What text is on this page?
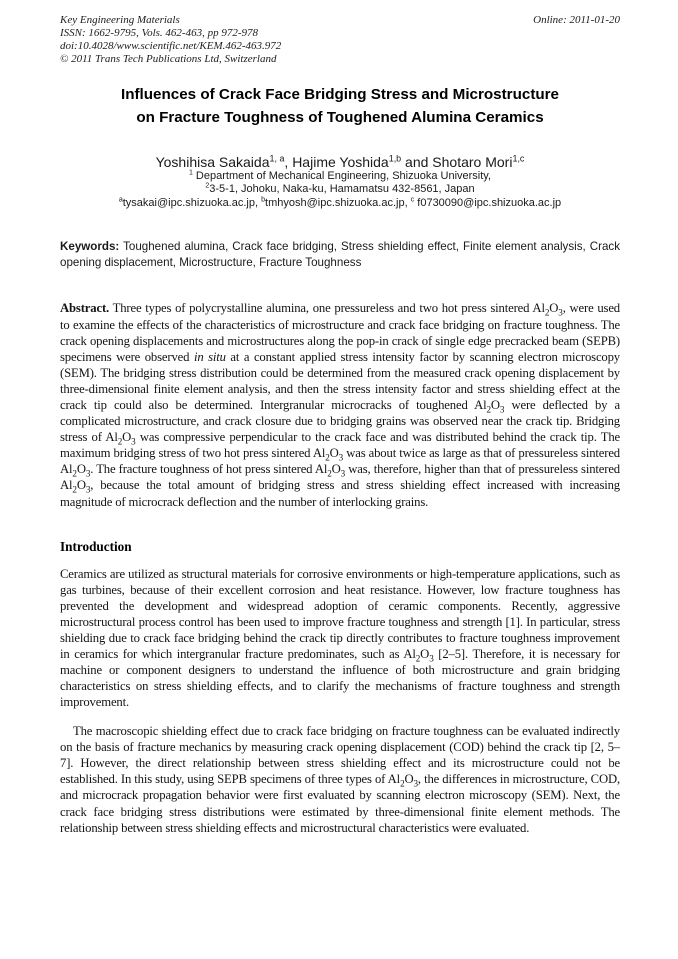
Key Engineering Materials
ISSN: 1662-9795, Vols. 462-463, pp 972-978
doi:10.4028/www.scientific.net/KEM.462-463.972
© 2011 Trans Tech Publications Ltd, Switzerland
Online: 2011-01-20
Influences of Crack Face Bridging Stress and Microstructure
on Fracture Toughness of Toughened Alumina Ceramics
Yoshihisa Sakaida$^{1, a}$, Hajime Yoshida$^{1,b}$ and Shotaro Mori$^{1,c}$
$^1$ Department of Mechanical Engineering, Shizuoka University,
$^2$3-5-1, Johoku, Naka-ku, Hamamatsu 432-8561, Japan
$^a$tysakai@ipc.shizuoka.ac.jp, $^b$tmhyosh@ipc.shizuoka.ac.jp, $^c$ f0730090@ipc.shizuoka.ac.jp

Keywords: Toughened alumina, Crack face bridging, Stress shielding effect, Finite element analysis, Crack opening displacement, Microstructure, Fracture Toughness

Abstract. Three types of polycrystalline alumina, one pressureless and two hot press sintered $Al_2O_3$, were used to examine the effects of the characteristics of microstructure and crack face bridging on fracture toughness. The crack opening displacements and microstructures along the pop-in crack of single edge precracked beam (SEPB) specimens were observed in situ at a constant applied stress intensity factor by scanning electron microscopy (SEM). The bridging stress distribution could be determined from the measured crack opening displacement by three-dimensional finite element analysis, and then the stress intensity factor and stress shielding effect at the crack tip could also be determined. Intergranular microcracks of toughened $Al_2O_3$ were deflected by a complicated microstructure, and crack closure due to bridging grains was observed near the crack tip. Bridging stress of $Al_2O_3$ was compressive perpendicular to the crack face and was distributed behind the crack tip. The maximum bridging stress of two hot press sintered $Al_2O_3$ was about twice as large as that of pressureless sintered $Al_2O_3$. The fracture toughness of hot press sintered $Al_2O_3$ was, therefore, higher than that of pressureless sintered $Al_2O_3$, because the total amount of bridging stress and stress shielding effect increased with increasing magnitude of microcrack deflection and the number of interlocking grains.

Introduction

Ceramics are utilized as structural materials for corrosive environments or high-temperature applications, such as gas turbines, because of their excellent corrosion and heat resistance. However, low fracture toughness has prevented the development and widespread adoption of ceramic components. Recently, aggressive microstructural process control has been used to improve fracture toughness and strength [1]. In particular, stress shielding due to crack face bridging behind the crack tip directly contributes to fracture toughness improvement in ceramics for which intergranular fracture predominates, such as $Al_2O_3$ [2–5]. Therefore, it is necessary for machine or component designers to understand the influence of both microstructure and grain bridging characteristics on stress shielding effects, and to clarify the mechanisms of fracture toughness and strength improvement.

The macroscopic shielding effect due to crack face bridging on fracture toughness can be evaluated indirectly on the basis of fracture mechanics by measuring crack opening displacement (COD) behind the crack tip [2, 5–7]. However, the direct relationship between stress shielding effect and its microstructure could not be established. In this study, using SEPB specimens of three types of $Al_2O_3$, the differences in microstructure, COD, and microcrack propagation behavior were first evaluated by scanning electron microscopy (SEM). Next, the crack face bridging stress distributions were estimated by three-dimensional finite element methods. The relationship between stress shielding effects and microstructural characteristics were evaluated.
